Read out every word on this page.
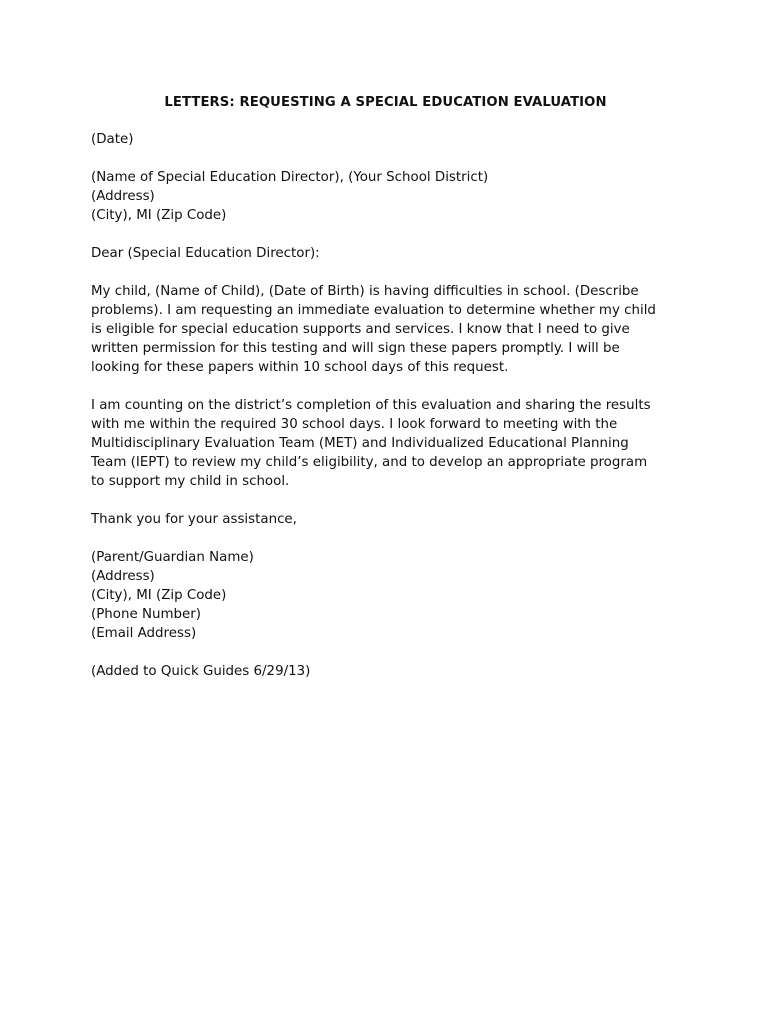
LETTERS: REQUESTING A SPECIAL EDUCATION EVALUATION
(Date)
(Name of Special Education Director), (Your School District)
(Address)
(City), MI (Zip Code)
Dear (Special Education Director):
My child, (Name of Child), (Date of Birth) is having difficulties in school. (Describe
problems). I am requesting an immediate evaluation to determine whether my child
is eligible for special education supports and services. I know that I need to give
written permission for this testing and will sign these papers promptly. I will be
looking for these papers within 10 school days of this request.
I am counting on the district’s completion of this evaluation and sharing the results
with me within the required 30 school days. I look forward to meeting with the
Multidisciplinary Evaluation Team (MET) and Individualized Educational Planning
Team (IEPT) to review my child’s eligibility, and to develop an appropriate program
to support my child in school.
Thank you for your assistance,
(Parent/Guardian Name)
(Address)
(City), MI (Zip Code)
(Phone Number)
(Email Address)
(Added to Quick Guides 6/29/13)
